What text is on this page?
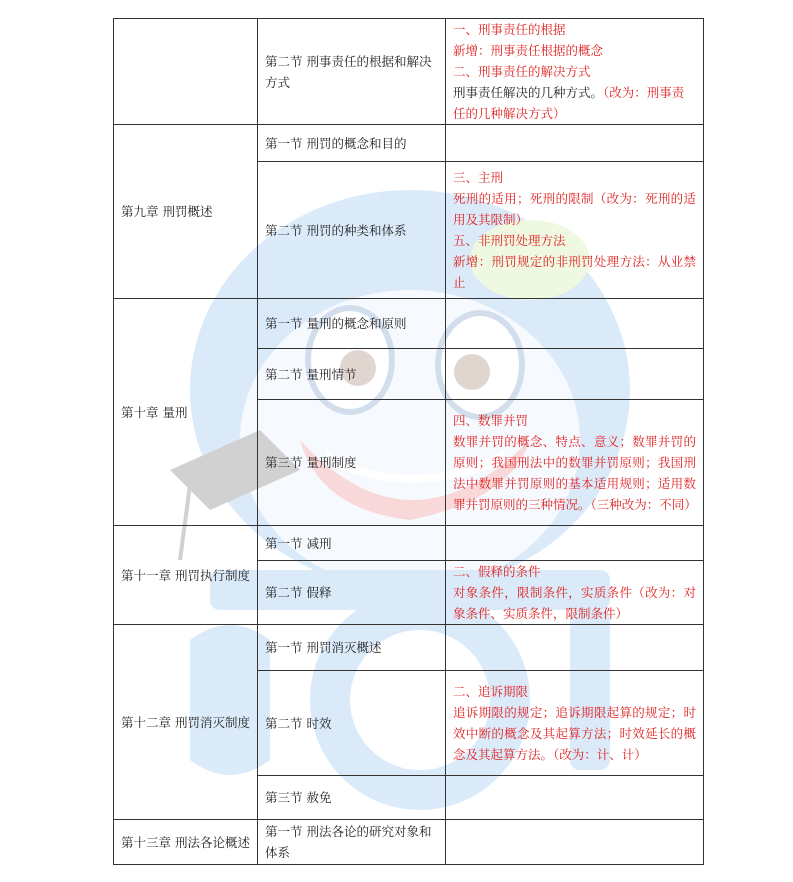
	第二节 刑事责任的根据和解决方式	一、刑事责任的根据
新增：刑事责任根据的概念
二、刑事责任的解决方式
刑事责任解决的几种方式。（改为：刑事责任的几种解决方式）
第九章 刑罚概述	第一节 刑罚的概念和目的	
	第二节 刑罚的种类和体系	三、主刑
死刑的适用；死刑的限制（改为：死刑的适用及其限制）
五、非刑罚处理方法
新增：刑罚规定的非刑罚处理方法：从业禁止

第十章 量刑	第一节 量刑的概念和原则	
	第二节 量刑情节	
	第三节 量刑制度	四、数罪并罚
数罪并罚的概念、特点、意义；数罪并罚的原则；我国刑法中的数罪并罚原则；我国刑法中数罪并罚原则的基本适用规则；适用数罪并罚原则的三种情况。（三种改为：不同）

第十一章 刑罚执行制度	第一节 减刑	
	第二节 假释	二、假释的条件
对象条件，限制条件，实质条件（改为：对象条件、实质条件，限制条件）

第十二章 刑罚消灭制度	第一节 刑罚消灭概述	
	第二节 时效	二、追诉期限
追诉期限的规定；追诉期限起算的规定；时效中断的概念及其起算方法；时效延长的概念及其起算方法。（改为：计、计）

	第三节 赦免	
第十三章 刑法各论概述	第一节 刑法各论的研究对象和体系	
